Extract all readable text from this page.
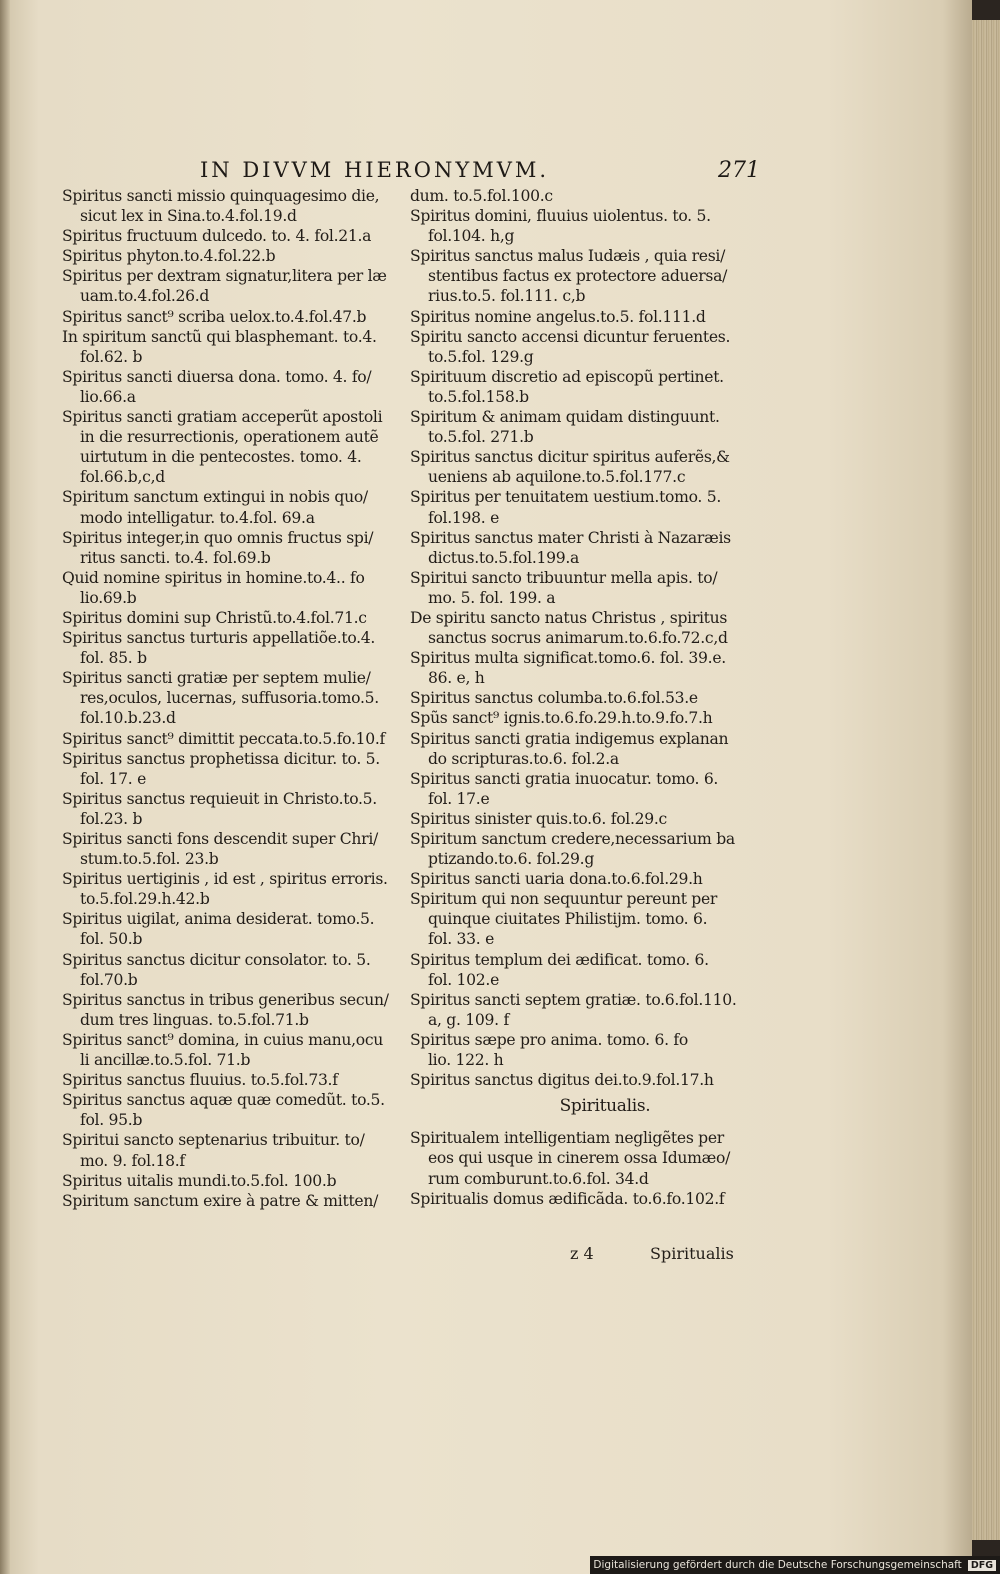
IN DIVVM HIERONYMVM.	271

Spiritus sancti missio quinquagesimo die,
sicut lex in Sina.to.4.fol.19.d

Spiritus fructuum dulcedo. to. 4. fol.21.a

Spiritus phyton.to.4.fol.22.b

Spiritus per dextram signatur,litera per læ
uam.to.4.fol.26.d

Spiritus sanct⁹ scriba uelox.to.4.fol.47.b

In spiritum sanctũ qui blasphemant. to.4.
fol.62. b

Spiritus sancti diuersa dona. tomo. 4. fo/
lio.66.a

Spiritus sancti gratiam acceperũt apostoli
in die resurrectionis, operationem autẽ
uirtutum in die pentecostes. tomo. 4.
fol.66.b,c,d

Spiritum sanctum extingui in nobis quo/
modo intelligatur. to.4.fol. 69.a

Spiritus integer,in quo omnis fructus spi/
ritus sancti. to.4. fol.69.b

Quid nomine spiritus in homine.to.4.. fo
lio.69.b

Spiritus domini sup Christũ.to.4.fol.71.c

Spiritus sanctus turturis appellatiõe.to.4.
fol. 85. b

Spiritus sancti gratiæ per septem mulie/
res,oculos, lucernas, suffusoria.tomo.5.
fol.10.b.23.d

Spiritus sanct⁹ dimittit peccata.to.5.fo.10.f

Spiritus sanctus prophetissa dicitur. to. 5.
fol. 17. e

Spiritus sanctus requieuit in Christo.to.5.
fol.23. b

Spiritus sancti fons descendit super Chri/
stum.to.5.fol. 23.b

Spiritus uertiginis , id est , spiritus erroris.
to.5.fol.29.h.42.b

Spiritus uigilat, anima desiderat. tomo.5.
fol. 50.b

Spiritus sanctus dicitur consolator. to. 5.
fol.70.b

Spiritus sanctus in tribus generibus secun/
dum tres linguas. to.5.fol.71.b

Spiritus sanct⁹ domina, in cuius manu,ocu
li ancillæ.to.5.fol. 71.b

Spiritus sanctus fluuius. to.5.fol.73.f

Spiritus sanctus aquæ quæ comedũt. to.5.
fol. 95.b

Spiritui sancto septenarius tribuitur. to/
mo. 9. fol.18.f

Spiritus uitalis mundi.to.5.fol. 100.b

Spiritum sanctum exire à patre & mitten/

dum. to.5.fol.100.c

Spiritus domini, fluuius uiolentus. to. 5.
fol.104. h,g

Spiritus sanctus malus Iudæis , quia resi/
stentibus factus ex protectore aduersa/
rius.to.5. fol.111. c,b

Spiritus nomine angelus.to.5. fol.111.d

Spiritu sancto accensi dicuntur feruentes.
to.5.fol. 129.g

Spirituum discretio ad episcopũ pertinet.
to.5.fol.158.b

Spiritum & animam quidam distinguunt.
to.5.fol. 271.b

Spiritus sanctus dicitur spiritus auferẽs,&
ueniens ab aquilone.to.5.fol.177.c

Spiritus per tenuitatem uestium.tomo. 5.
fol.198. e

Spiritus sanctus mater Christi à Nazaræis
dictus.to.5.fol.199.a

Spiritui sancto tribuuntur mella apis. to/
mo. 5. fol. 199. a

De spiritu sancto natus Christus , spiritus
sanctus socrus animarum.to.6.fo.72.c,d

Spiritus multa significat.tomo.6. fol. 39.e.
86. e, h

Spiritus sanctus columba.to.6.fol.53.e

Spũs sanct⁹ ignis.to.6.fo.29.h.to.9.fo.7.h

Spiritus sancti gratia indigemus explanan
do scripturas.to.6. fol.2.a

Spiritus sancti gratia inuocatur. tomo. 6.
fol. 17.e

Spiritus sinister quis.to.6. fol.29.c

Spiritum sanctum credere,necessarium ba
ptizando.to.6. fol.29.g

Spiritus sancti uaria dona.to.6.fol.29.h

Spiritum qui non sequuntur pereunt per
quinque ciuitates Philistijm. tomo. 6.
fol. 33. e

Spiritus templum dei ædificat. tomo. 6.
fol. 102.e

Spiritus sancti septem gratiæ. to.6.fol.110.
a, g. 109. f

Spiritus sæpe pro anima. tomo. 6. fo
lio. 122. h

Spiritus sanctus digitus dei.to.9.fol.17.h

Spiritualis.

Spiritualem intelligentiam negligẽtes per
eos qui usque in cinerem ossa Idumæo/
rum comburunt.to.6.fol. 34.d

Spiritualis domus ædificãda. to.6.fo.102.f

z 4	Spiritualis
Digitalisierung gefördert durch die Deutsche Forschungsgemeinschaft DFG
